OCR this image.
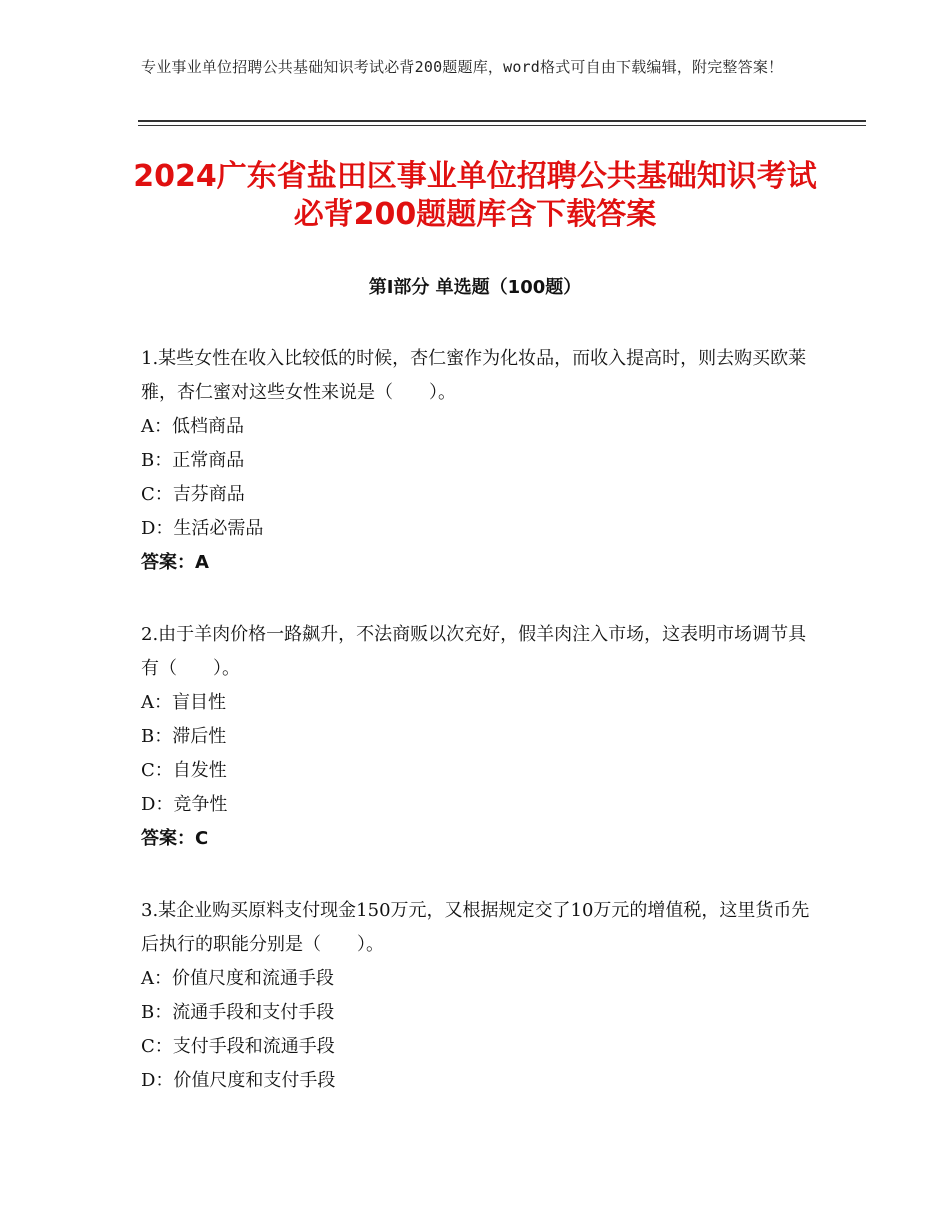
专业事业单位招聘公共基础知识考试必背200题题库，word格式可自由下载编辑，附完整答案！
2024广东省盐田区事业单位招聘公共基础知识考试必背200题题库含下载答案
第Ⅰ部分 单选题（100题）

1.某些女性在收入比较低的时候，杏仁蜜作为化妆品，而收入提高时，则去购买欧莱雅，杏仁蜜对这些女性来说是（　　）。

A：低档商品

B：正常商品

C：吉芬商品

D：生活必需品

答案：A

2.由于羊肉价格一路飙升，不法商贩以次充好，假羊肉注入市场，这表明市场调节具有（　　）。

A：盲目性

B：滞后性

C：自发性

D：竞争性

答案：C

3.某企业购买原料支付现金150万元，又根据规定交了10万元的增值税，这里货币先后执行的职能分别是（　　）。

A：价值尺度和流通手段

B：流通手段和支付手段

C：支付手段和流通手段

D：价值尺度和支付手段
